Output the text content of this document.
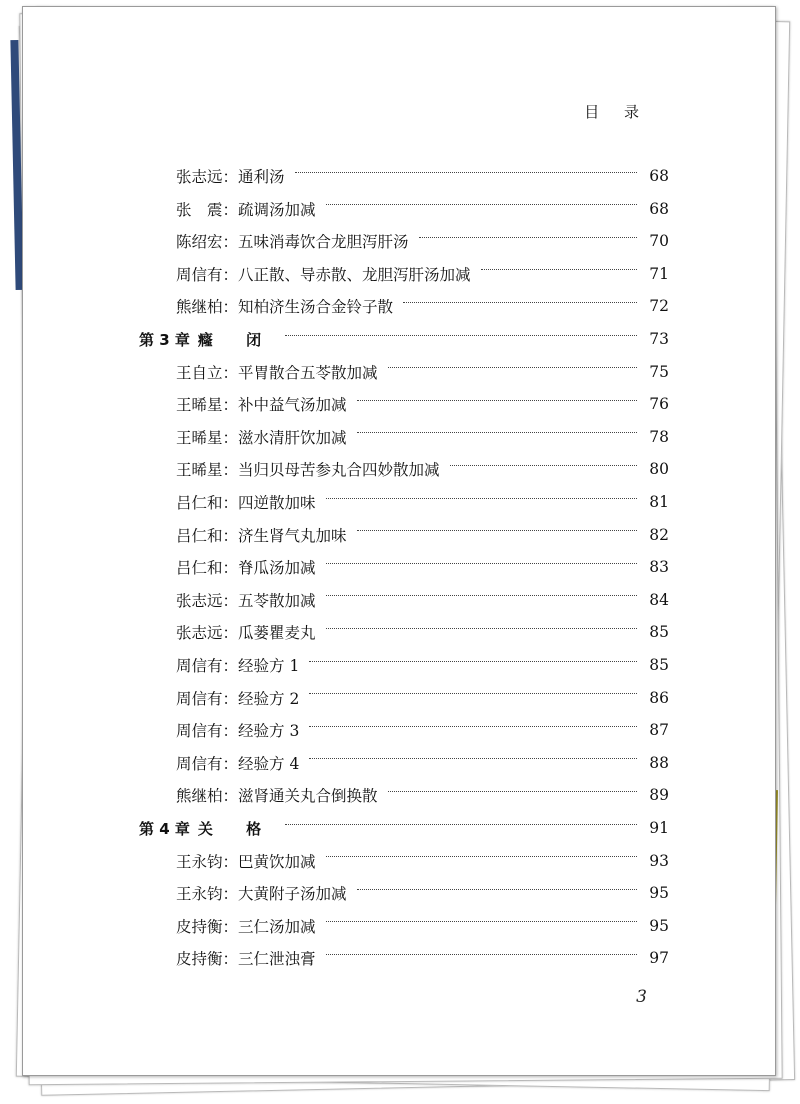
目 录
张志远： 通利汤	68
张　震： 疏调汤加减	68
陈绍宏： 五味消毒饮合龙胆泻肝汤	70
周信有： 八正散、导赤散、龙胆泻肝汤加减	71
熊继柏： 知柏济生汤合金铃子散	72
第 3 章 癃 闭	73
王自立： 平胃散合五苓散加减	75
王晞星： 补中益气汤加减	76
王晞星： 滋水清肝饮加减	78
王晞星： 当归贝母苦参丸合四妙散加减	80
吕仁和： 四逆散加味	81
吕仁和： 济生肾气丸加味	82
吕仁和： 脊瓜汤加减	83
张志远： 五苓散加减	84
张志远： 瓜蒌瞿麦丸	85
周信有： 经验方 1	85
周信有： 经验方 2	86
周信有： 经验方 3	87
周信有： 经验方 4	88
熊继柏： 滋肾通关丸合倒换散	89
第 4 章 关 格	91
王永钧： 巴黄饮加减	93
王永钧： 大黄附子汤加减	95
皮持衡： 三仁汤加减	95
皮持衡： 三仁泄浊膏	97
3
